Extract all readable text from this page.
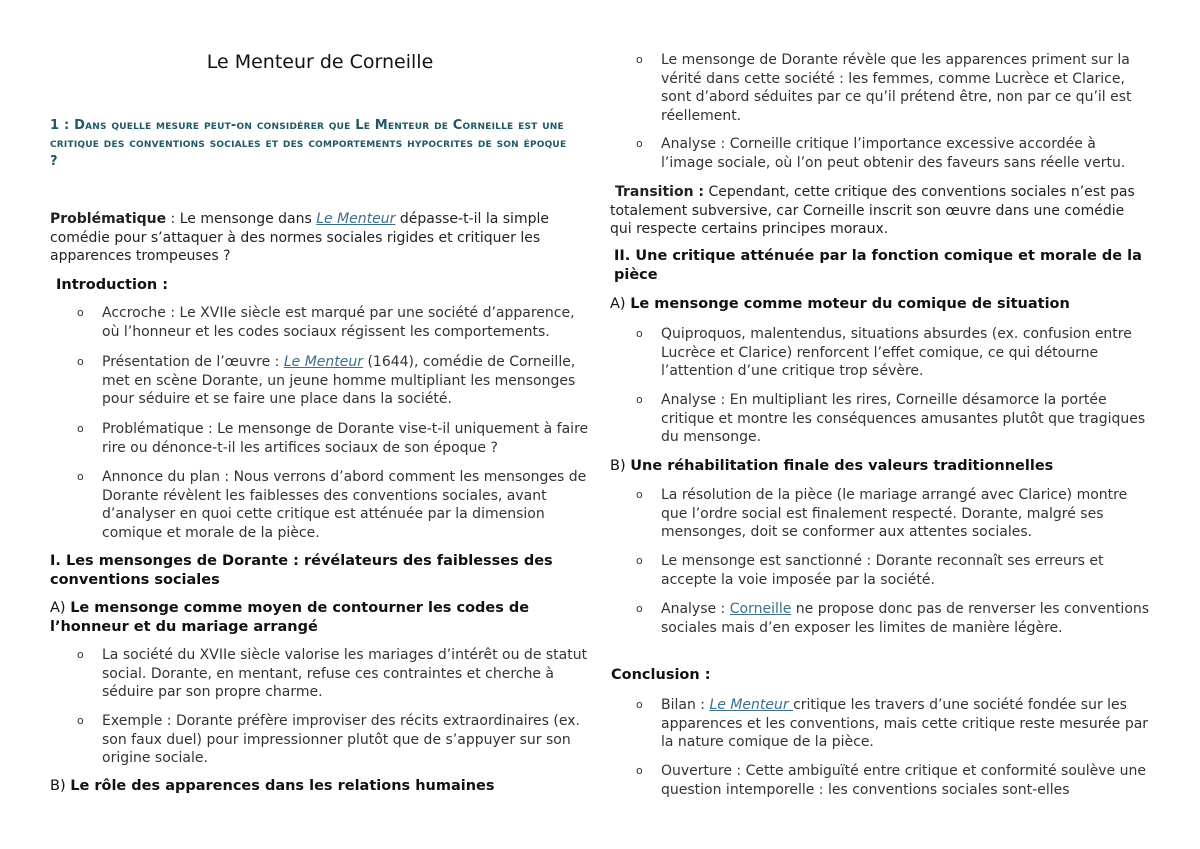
Le Menteur de Corneille
1 : Dans quelle mesure peut-on considérer que Le Menteur de Corneille est une critique des conventions sociales et des comportements hypocrites de son époque ?
Problématique : Le mensonge dans Le Menteur dépasse-t-il la simple comédie pour s’attaquer à des normes sociales rigides et critiquer les apparences trompeuses ?
Introduction :
o Accroche : Le XVIIe siècle est marqué par une société d’apparence, où l’honneur et les codes sociaux régissent les comportements.
o Présentation de l’œuvre : Le Menteur (1644), comédie de Corneille, met en scène Dorante, un jeune homme multipliant les mensonges pour séduire et se faire une place dans la société.
o Problématique : Le mensonge de Dorante vise-t-il uniquement à faire rire ou dénonce-t-il les artifices sociaux de son époque ?
o Annonce du plan : Nous verrons d’abord comment les mensonges de Dorante révèlent les faiblesses des conventions sociales, avant d’analyser en quoi cette critique est atténuée par la dimension comique et morale de la pièce.
I. Les mensonges de Dorante : révélateurs des faiblesses des conventions sociales
A) Le mensonge comme moyen de contourner les codes de l’honneur et du mariage arrangé
o La société du XVIIe siècle valorise les mariages d’intérêt ou de statut social. Dorante, en mentant, refuse ces contraintes et cherche à séduire par son propre charme.
o Exemple : Dorante préfère improviser des récits extraordinaires (ex. son faux duel) pour impressionner plutôt que de s’appuyer sur son origine sociale.
B) Le rôle des apparences dans les relations humaines
o Le mensonge de Dorante révèle que les apparences priment sur la vérité dans cette société : les femmes, comme Lucrèce et Clarice, sont d’abord séduites par ce qu’il prétend être, non par ce qu’il est réellement.
o Analyse : Corneille critique l’importance excessive accordée à l’image sociale, où l’on peut obtenir des faveurs sans réelle vertu.
Transition : Cependant, cette critique des conventions sociales n’est pas totalement subversive, car Corneille inscrit son œuvre dans une comédie qui respecte certains principes moraux.
II. Une critique atténuée par la fonction comique et morale de la pièce
A) Le mensonge comme moteur du comique de situation
o Quiproquos, malentendus, situations absurdes (ex. confusion entre Lucrèce et Clarice) renforcent l’effet comique, ce qui détourne l’attention d’une critique trop sévère.
o Analyse : En multipliant les rires, Corneille désamorce la portée critique et montre les conséquences amusantes plutôt que tragiques du mensonge.
B) Une réhabilitation finale des valeurs traditionnelles
o La résolution de la pièce (le mariage arrangé avec Clarice) montre que l’ordre social est finalement respecté. Dorante, malgré ses mensonges, doit se conformer aux attentes sociales.
o Le mensonge est sanctionné : Dorante reconnaît ses erreurs et accepte la voie imposée par la société.
o Analyse : Corneille ne propose donc pas de renverser les conventions sociales mais d’en exposer les limites de manière légère.
Conclusion :
o Bilan : Le Menteur critique les travers d’une société fondée sur les apparences et les conventions, mais cette critique reste mesurée par la nature comique de la pièce.
o Ouverture : Cette ambiguïté entre critique et conformité soulève une question intemporelle : les conventions sociales sont-elles
